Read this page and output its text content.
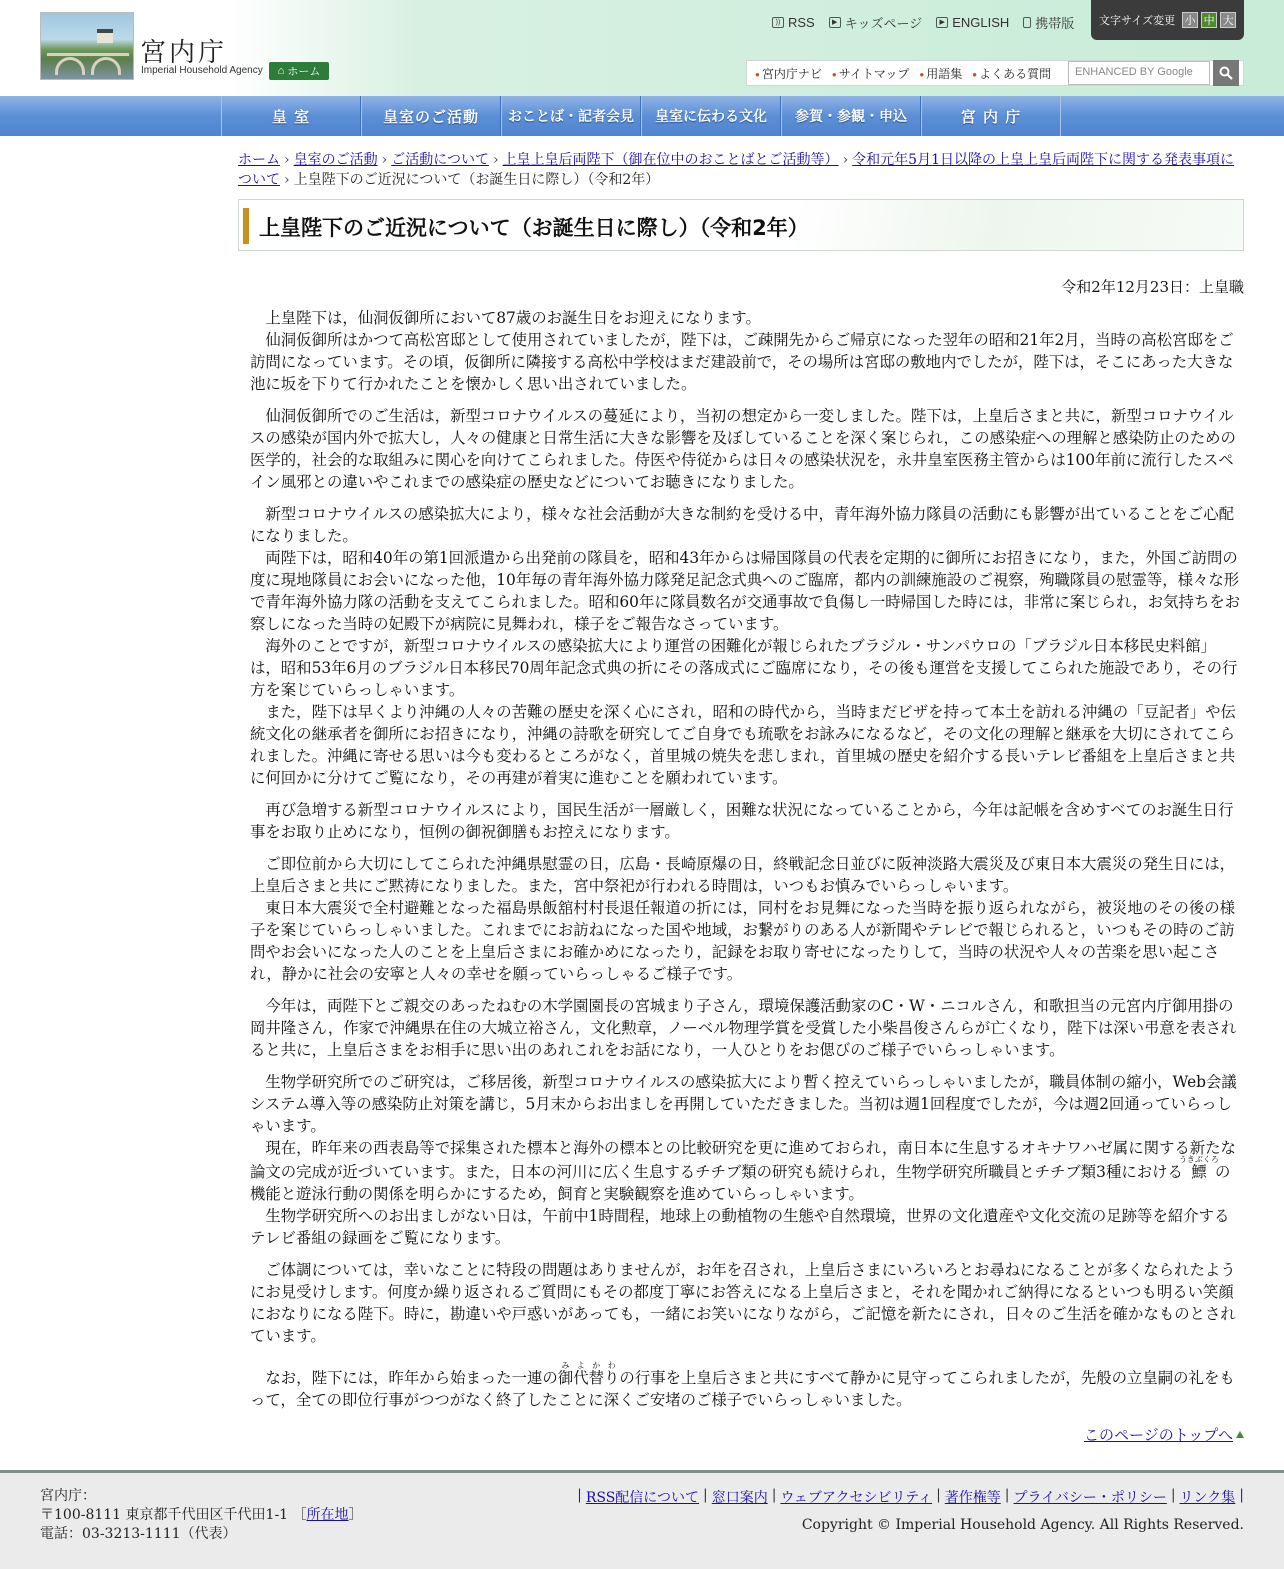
宮内庁
Imperial Household Agency ⌂ ホーム
)) RSS	▶ キッズページ	▶ ENGLISH 携帯版 文字サイズ変更 小 中 大
● 宮内庁ナビ	● サイトマップ	● 用語集	● よくある質問	ENHANCED BY Google
皇 室	皇室のご活動	おことば・記者会見	皇室に伝わる文化	参賀・参観・申込	宮 内 庁
ホーム › 皇室のご活動 › ご活動について › 上皇上皇后両陛下（御在位中のおことばとご活動等） › 令和元年5月1日以降の上皇上皇后両陛下に関する発表事項について › 上皇陛下のご近況について（お誕生日に際し）（令和2年）
上皇陛下のご近況について（お誕生日に際し）（令和2年）
令和2年12月23日：上皇職

上皇陛下は，仙洞仮御所において87歳のお誕生日をお迎えになります。

仙洞仮御所はかつて高松宮邸として使用されていましたが，陛下は，ご疎開先からご帰京になった翌年の昭和21年2月，当時の高松宮邸をご訪問になっています。その頃，仮御所に隣接する高松中学校はまだ建設前で，その場所は宮邸の敷地内でしたが，陛下は，そこにあった大きな池に坂を下りて行かれたことを懐かしく思い出されていました。

仙洞仮御所でのご生活は，新型コロナウイルスの蔓延により，当初の想定から一変しました。陛下は，上皇后さまと共に，新型コロナウイルスの感染が国内外で拡大し，人々の健康と日常生活に大きな影響を及ぼしていることを深く案じられ，この感染症への理解と感染防止のための医学的，社会的な取組みに関心を向けてこられました。侍医や侍従からは日々の感染状況を，永井皇室医務主管からは100年前に流行したスペイン風邪との違いやこれまでの感染症の歴史などについてお聴きになりました。

新型コロナウイルスの感染拡大により，様々な社会活動が大きな制約を受ける中，青年海外協力隊員の活動にも影響が出ていることをご心配になりました。

両陛下は，昭和40年の第1回派遣から出発前の隊員を，昭和43年からは帰国隊員の代表を定期的に御所にお招きになり，また，外国ご訪問の度に現地隊員にお会いになった他，10年毎の青年海外協力隊発足記念式典へのご臨席，都内の訓練施設のご視察，殉職隊員の慰霊等，様々な形で青年海外協力隊の活動を支えてこられました。昭和60年に隊員数名が交通事故で負傷し一時帰国した時には，非常に案じられ，お気持ちをお察しになった当時の妃殿下が病院に見舞われ，様子をご報告なさっています。

海外のことですが，新型コロナウイルスの感染拡大により運営の困難化が報じられたブラジル・サンパウロの「ブラジル日本移民史料館」は，昭和53年6月のブラジル日本移民70周年記念式典の折にその落成式にご臨席になり，その後も運営を支援してこられた施設であり，その行方を案じていらっしゃいます。

また，陛下は早くより沖縄の人々の苦難の歴史を深く心にされ，昭和の時代から，当時まだビザを持って本土を訪れる沖縄の「豆記者」や伝統文化の継承者を御所にお招きになり，沖縄の詩歌を研究してご自身でも琉歌をお詠みになるなど，その文化の理解と継承を大切にされてこられました。沖縄に寄せる思いは今も変わるところがなく，首里城の焼失を悲しまれ，首里城の歴史を紹介する長いテレビ番組を上皇后さまと共に何回かに分けてご覧になり，その再建が着実に進むことを願われています。

再び急増する新型コロナウイルスにより，国民生活が一層厳しく，困難な状況になっていることから，今年は記帳を含めすべてのお誕生日行事をお取り止めになり，恒例の御祝御膳もお控えになります。

ご即位前から大切にしてこられた沖縄県慰霊の日，広島・長崎原爆の日，終戦記念日並びに阪神淡路大震災及び東日本大震災の発生日には，上皇后さまと共にご黙祷になりました。また，宮中祭祀が行われる時間は，いつもお慎みでいらっしゃいます。

東日本大震災で全村避難となった福島県飯舘村村長退任報道の折には，同村をお見舞になった当時を振り返られながら，被災地のその後の様子を案じていらっしゃいました。これまでにお訪ねになった国や地域，お繋がりのある人が新聞やテレビで報じられると，いつもその時のご訪問やお会いになった人のことを上皇后さまにお確かめになったり，記録をお取り寄せになったりして，当時の状況や人々の苦楽を思い起こされ，静かに社会の安寧と人々の幸せを願っていらっしゃるご様子です。

今年は，両陛下とご親交のあったねむの木学園園長の宮城まり子さん，環境保護活動家のC・W・ニコルさん，和歌担当の元宮内庁御用掛の岡井隆さん，作家で沖縄県在住の大城立裕さん，文化勲章，ノーベル物理学賞を受賞した小柴昌俊さんらが亡くなり，陛下は深い弔意を表されると共に，上皇后さまをお相手に思い出のあれこれをお話になり，一人ひとりをお偲びのご様子でいらっしゃいます。

生物学研究所でのご研究は，ご移居後，新型コロナウイルスの感染拡大により暫く控えていらっしゃいましたが，職員体制の縮小，Web会議システム導入等の感染防止対策を講じ，5月末からお出ましを再開していただきました。当初は週1回程度でしたが，今は週2回通っていらっしゃいます。

現在，昨年来の西表島等で採集された標本と海外の標本との比較研究を更に進めておられ，南日本に生息するオキナワハゼ属に関する新たな論文の完成が近づいています。また，日本の河川に広く生息するチチブ類の研究も続けられ，生物学研究所職員とチチブ類3種における鰾うきぶくろの機能と遊泳行動の関係を明らかにするため，飼育と実験観察を進めていらっしゃいます。

生物学研究所へのお出ましがない日は，午前中1時間程，地球上の動植物の生態や自然環境，世界の文化遺産や文化交流の足跡等を紹介するテレビ番組の録画をご覧になります。

ご体調については，幸いなことに特段の問題はありませんが，お年を召され，上皇后さまにいろいろとお尋ねになることが多くなられたようにお見受けします。何度か繰り返されるご質問にもその都度丁寧にお答えになる上皇后さまと，それを聞かれご納得になるといつも明るい笑顔におなりになる陛下。時に，勘違いや戸惑いがあっても，一緒にお笑いになりながら，ご記憶を新たにされ，日々のご生活を確かなものとされています。

なお，陛下には，昨年から始まった一連の御代替りみよかわの行事を上皇后さまと共にすべて静かに見守ってこられましたが，先般の立皇嗣の礼をもって，全ての即位行事がつつがなく終了したことに深くご安堵のご様子でいらっしゃいました。

このページのトップへ
宮内庁：
〒100-8111 東京都千代田区千代田1-1 ［所在地］
電話：03-3213-1111（代表）
| RSS配信について | 窓口案内 | ウェブアクセシビリティ | 著作権等 | プライバシー・ポリシー | リンク集 |
Copyright © Imperial Household Agency. All Rights Reserved.
